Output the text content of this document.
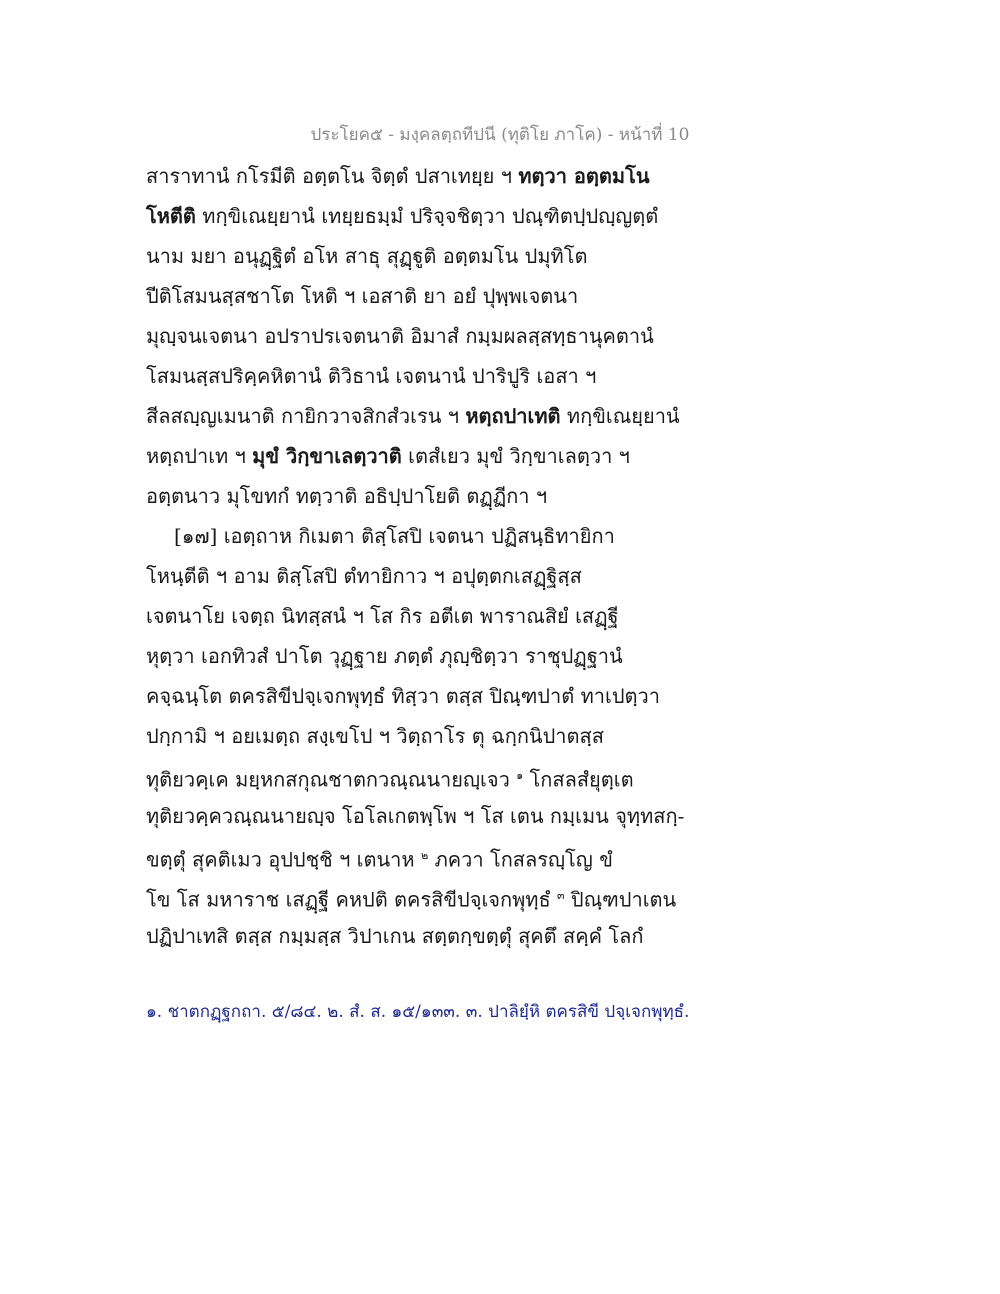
ประโยค๕ - มงฺคลตฺถทีปนี (ทุติโย ภาโค) - หน้าที่ 10
สาราทานํ กโรมีติ อตฺตโน จิตฺตํ ปสาเทยฺย ฯ ทตฺวา อตฺตมโน
โหตีติ ทกฺขิเณยฺยานํ เทยฺยธมฺมํ ปริจฺจชิตฺวา ปณฺฑิตปฺปญฺญตฺตํ
นาม มยา อนุฏฺฐิตํ อโห สาธุ สุฏฺฐูติ อตฺตมโน ปมุทิโต
ปีติโสมนสฺสชาโต โหติ ฯ เอสาติ ยา อยํ ปุพฺพเจตนา
มุญฺจนเจตนา อปราปรเจตนาติ อิมาสํ กมฺมผลสฺสทฺธานุคตานํ
โสมนสฺสปริคฺคหิตานํ ติวิธานํ เจตนานํ ปาริปูริ เอสา ฯ
สีลสญฺญเมนาติ กายิกวาจสิกสํวเรน ฯ หตฺถปาเทติ ทกฺขิเณยฺยานํ
หตฺถปาเท ฯ มุขํ วิกฺขาเลตฺวาติ เตสํเยว มุขํ วิกฺขาเลตฺวา ฯ
อตฺตนาว มุโขทกํ ทตฺวาติ อธิปฺปาโยติ ตฏฺฏีกา ฯ
[๑๗] เอตฺถาห กิเมตา ติสฺโสปิ เจตนา ปฏิสนฺธิทายิกา
โหนฺตีติ ฯ อาม ติสฺโสปิ ตํทายิกาว ฯ อปุตฺตกเสฏฺฐิสฺส
เจตนาโย เจตฺถ นิทสฺสนํ ฯ โส กิร อตีเต พาราณสิยํ เสฏฺฐี
หุตฺวา เอกทิวสํ ปาโต วุฏฺฐาย ภตฺตํ ภุญฺชิตฺวา ราชุปฏฺฐานํ
คจฺฉนฺโต ตครสิขีปจฺเจกพุทฺธํ ทิสฺวา ตสฺส ปิณฺฑปาตํ ทาเปตฺวา
ปกฺกามิ ฯ อยเมตฺถ สงฺเขโป ฯ วิตฺถาโร ตุ ฉกฺกนิปาตสฺส
ทุติยวคฺเค มยฺหกสกุณชาตกวณฺณนายญฺเจว $^๑$ โกสลสํยุตฺเต
ทุติยวคฺควณฺณนายญฺจ โอโลเกตพฺโพ ฯ โส เตน กมฺเมน จุทฺทสกฺ-
ขตฺตุํ สุคติเมว อุปปชฺชิ ฯ เตนาห $^๒$ ภควา โกสลรญฺโญ ขํ
โข โส มหาราช เสฏฺฐี คหปติ ตครสิขีปจฺเจกพุทฺธํ $^๓$ ปิณฺฑปาเตน
ปฏิปาเทสิ ตสฺส กมฺมสฺส วิปาเกน สตฺตกฺขตฺตุํ สุคตึ สคฺคํ โลกํ
๑. ชาตกฏฺฐกถา. ๕/๘๔. ๒. สํ. ส. ๑๕/๑๓๓. ๓. ปาลิยํฺหิ ตครสิขี ปจฺเจกพุทฺธํ.
